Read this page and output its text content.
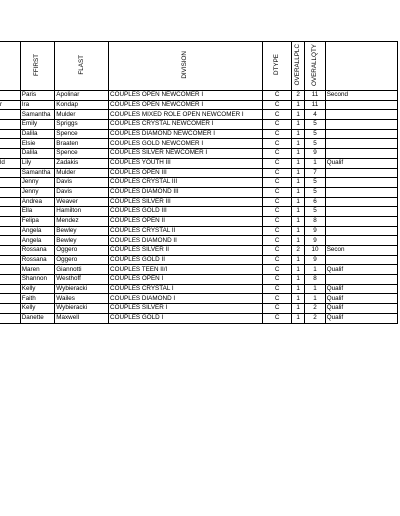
	FFIRST	FLAST	DIVISION	DTYPE	OVERALLPLC	OVERALLQTY	
	Paris	Apolinar	COUPLES OPEN NEWCOMER I	C	2	11	Second
r	Ira	Kondap	COUPLES OPEN NEWCOMER I	C	1	11	
	Samantha	Mulder	COUPLES MIXED ROLE OPEN NEWCOMER I	C	1	4	
	Emily	Spriggs	COUPLES CRYSTAL NEWCOMER I	C	1	5	
	Dalila	Spence	COUPLES DIAMOND NEWCOMER I	C	1	5	
	Elsie	Braaten	COUPLES GOLD NEWCOMER I	C	1	5	
	Dalila	Spence	COUPLES SILVER NEWCOMER I	C	1	9	
ld	Lily	Zadakis	COUPLES YOUTH III	C	1	1	Qualif
	Samantha	Mulder	COUPLES OPEN III	C	1	7	
	Jenny	Davis	COUPLES CRYSTAL III	C	1	5	
	Jenny	Davis	COUPLES DIAMOND III	C	1	5	
	Andrea	Weaver	COUPLES SILVER III	C	1	6	
	Ella	Hamilton	COUPLES GOLD III	C	1	5	
	Felipa	Mendez	COUPLES OPEN II	C	1	8	
	Angela	Bewley	COUPLES CRYSTAL II	C	1	9	
	Angela	Bewley	COUPLES DIAMOND II	C	1	9	
	Rossana	Oggero	COUPLES SILVER II	C	2	10	Secon
	Rossana	Oggero	COUPLES GOLD II	C	1	9	
	Maren	Giannotti	COUPLES TEEN II/I	C	1	1	Qualif
	Shannon	Westhoff	COUPLES OPEN I	C	1	8	
	Kelly	Wybieracki	COUPLES CRYSTAL I	C	1	1	Qualif
	Faith	Wailes	COUPLES DIAMOND I	C	1	1	Qualif
	Kelly	Wybieracki	COUPLES SILVER I	C	1	2	Qualif
	Danette	Maxwell	COUPLES GOLD I	C	1	2	Qualif
